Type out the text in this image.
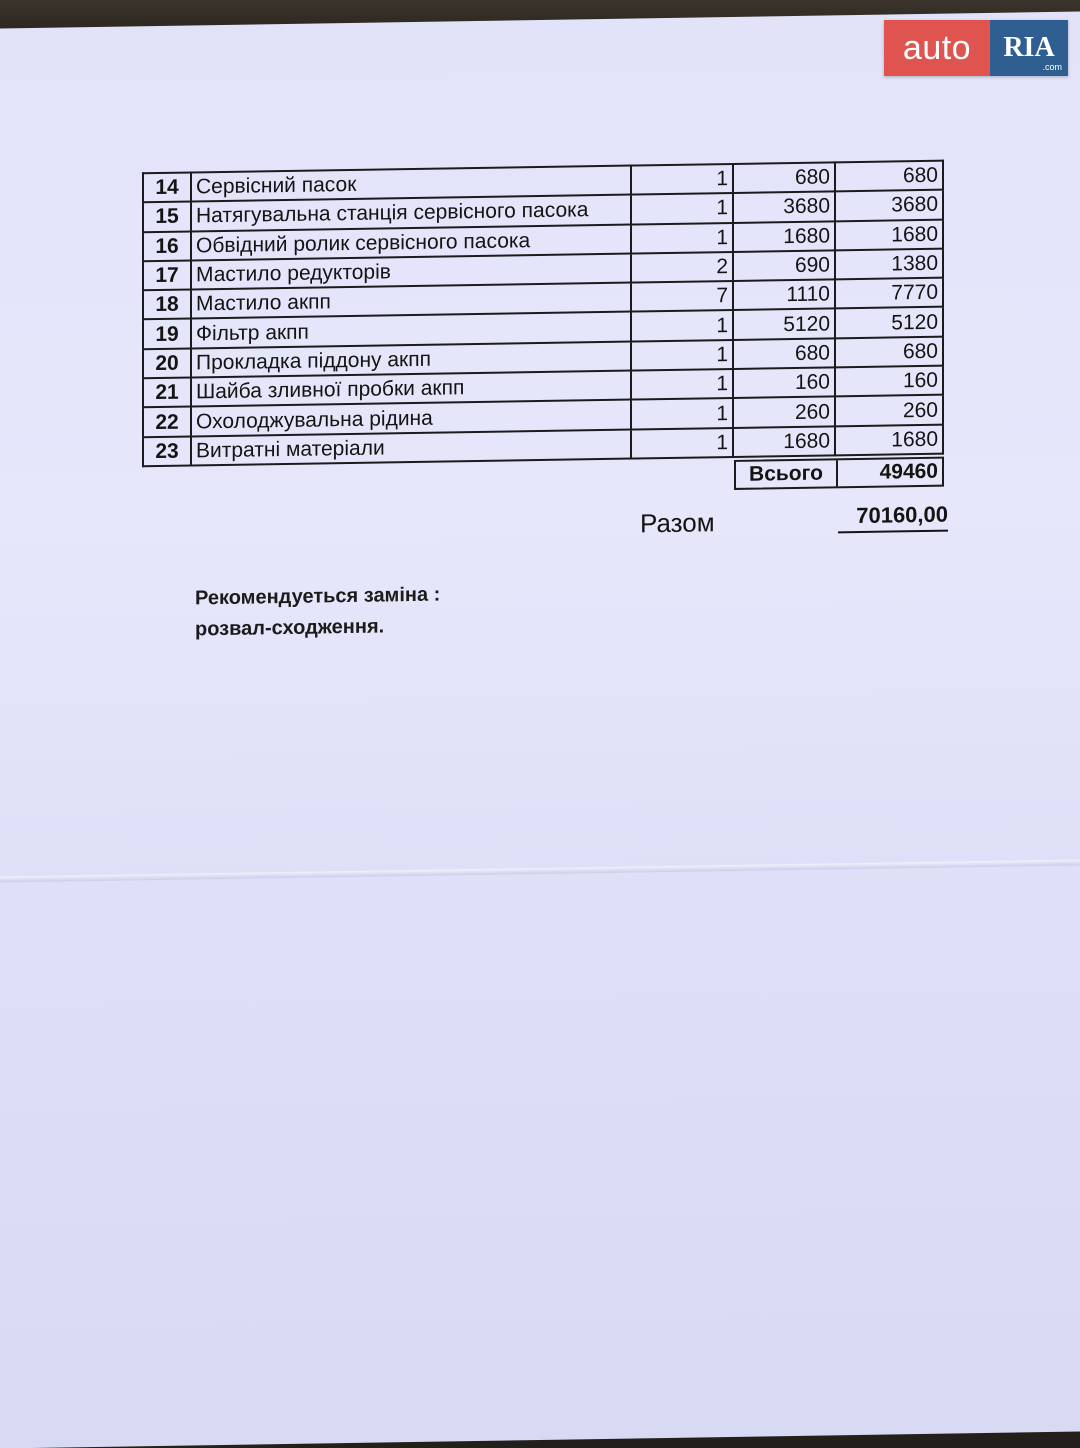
14	Сервісний пасок	1	680	680
15	Натягувальна станція сервісного пасока	1	3680	3680
16	Обвідний ролик сервісного пасока	1	1680	1680
17	Мастило редукторів	2	690	1380
18	Мастило акпп	7	1110	7770
19	Фільтр акпп	1	5120	5120
20	Прокладка піддону акпп	1	680	680
21	Шайба зливної пробки акпп	1	160	160
22	Охолоджувальна рідина	1	260	260
23	Витратні матеріали	1	1680	1680
Всього	49460
Разом	70160,00
Рекомендуеться заміна :
розвал-сходження.
auto	RIA
.com
